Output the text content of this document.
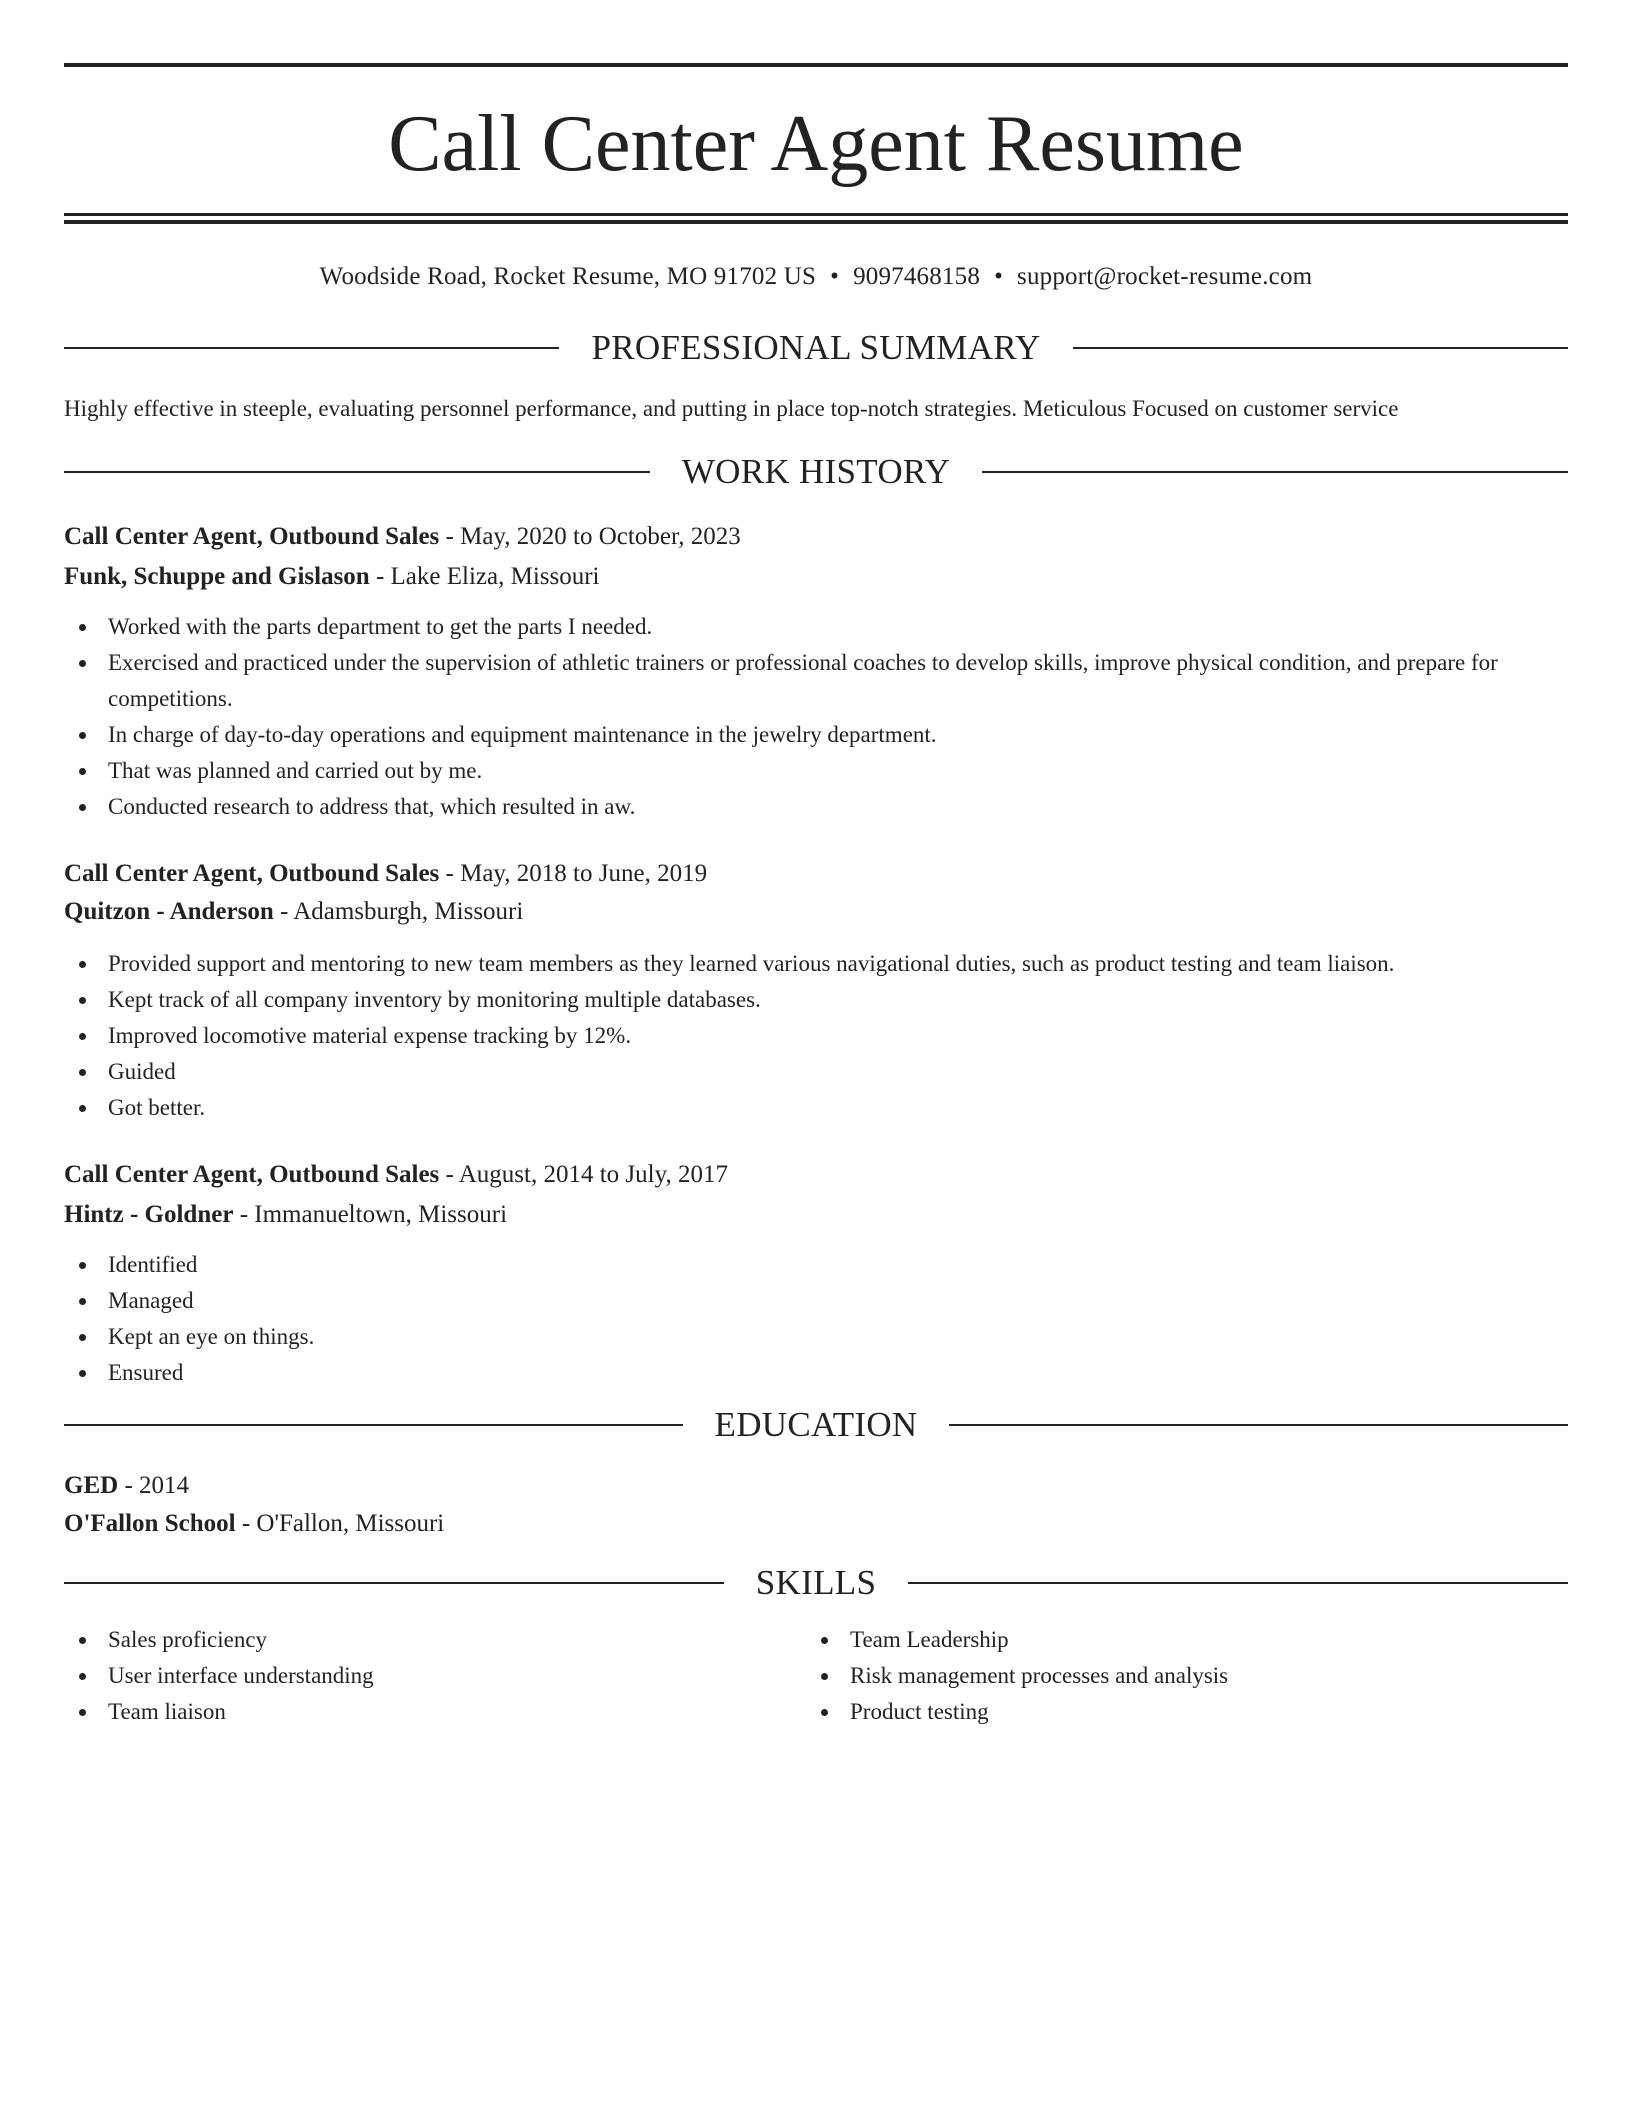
Call Center Agent Resume
Woodside Road, Rocket Resume, MO 91702 US • 9097468158 • support@rocket-resume.com
PROFESSIONAL SUMMARY
Highly effective in steeple, evaluating personnel performance, and putting in place top-notch strategies. Meticulous Focused on customer service
WORK HISTORY
Call Center Agent, Outbound Sales - May, 2020 to October, 2023
Funk, Schuppe and Gislason - Lake Eliza, Missouri
Worked with the parts department to get the parts I needed.
Exercised and practiced under the supervision of athletic trainers or professional coaches to develop skills, improve physical condition, and prepare for competitions.
In charge of day-to-day operations and equipment maintenance in the jewelry department.
That was planned and carried out by me.
Conducted research to address that, which resulted in aw.
Call Center Agent, Outbound Sales - May, 2018 to June, 2019
Quitzon - Anderson - Adamsburgh, Missouri
Provided support and mentoring to new team members as they learned various navigational duties, such as product testing and team liaison.
Kept track of all company inventory by monitoring multiple databases.
Improved locomotive material expense tracking by 12%.
Guided
Got better.
Call Center Agent, Outbound Sales - August, 2014 to July, 2017
Hintz - Goldner - Immanueltown, Missouri
Identified
Managed
Kept an eye on things.
Ensured
EDUCATION
GED - 2014
O'Fallon School - O'Fallon, Missouri
SKILLS
Sales proficiency
User interface understanding
Team liaison
Team Leadership
Risk management processes and analysis
Product testing
